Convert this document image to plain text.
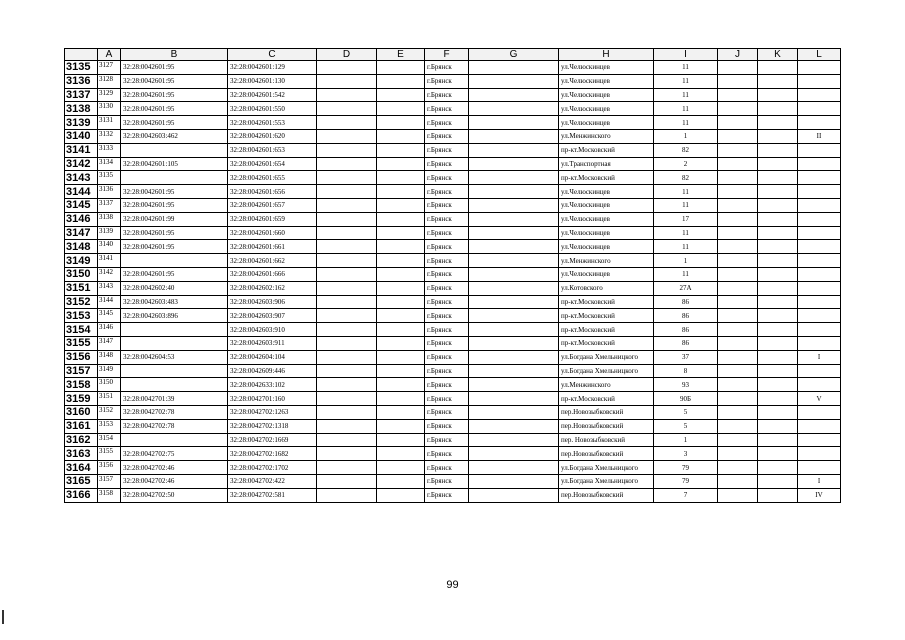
	A	B	C	D	E	F	G	H	I	J	K	L
3135	3127	32:28:0042601:95	32:28:0042601:129			г.Брянск		ул.Челюскинцев	11			
3136	3128	32:28:0042601:95	32:28:0042601:130			г.Брянск		ул.Челюскинцев	11			
3137	3129	32:28:0042601:95	32:28:0042601:542			г.Брянск		ул.Челюскинцев	11			
3138	3130	32:28:0042601:95	32:28:0042601:550			г.Брянск		ул.Челюскинцев	11			
3139	3131	32:28:0042601:95	32:28:0042601:553			г.Брянск		ул.Челюскинцев	11			
3140	3132	32:28:0042603:462	32:28:0042601:620			г.Брянск		ул.Менжинского	1			II
3141	3133		32:28:0042601:653			г.Брянск		пр-кт.Московский	82			
3142	3134	32:28:0042601:105	32:28:0042601:654			г.Брянск		ул.Транспортная	2			
3143	3135		32:28:0042601:655			г.Брянск		пр-кт.Московский	82			
3144	3136	32:28:0042601:95	32:28:0042601:656			г.Брянск		ул.Челюскинцев	11			
3145	3137	32:28:0042601:95	32:28:0042601:657			г.Брянск		ул.Челюскинцев	11			
3146	3138	32:28:0042601:99	32:28:0042601:659			г.Брянск		ул.Челюскинцев	17			
3147	3139	32:28:0042601:95	32:28:0042601:660			г.Брянск		ул.Челюскинцев	11			
3148	3140	32:28:0042601:95	32:28:0042601:661			г.Брянск		ул.Челюскинцев	11			
3149	3141		32:28:0042601:662			г.Брянск		ул.Менжинского	1			
3150	3142	32:28:0042601:95	32:28:0042601:666			г.Брянск		ул.Челюскинцев	11			
3151	3143	32:28:0042602:40	32:28:0042602:162			г.Брянск		ул.Котовского	27А			
3152	3144	32:28:0042603:483	32:28:0042603:906			г.Брянск		пр-кт.Московский	86			
3153	3145	32:28:0042603:896	32:28:0042603:907			г.Брянск		пр-кт.Московский	86			
3154	3146		32:28:0042603:910			г.Брянск		пр-кт.Московский	86			
3155	3147		32:28:0042603:911			г.Брянск		пр-кт.Московский	86			
3156	3148	32:28:0042604:53	32:28:0042604:104			г.Брянск		ул.Богдана Хмельницкого	37			I
3157	3149		32:28:0042609:446			г.Брянск		ул.Богдана Хмельницкого	8			
3158	3150		32:28:0042633:102			г.Брянск		ул.Менжинского	93			
3159	3151	32:28:0042701:39	32:28:0042701:160			г.Брянск		пр-кт.Московский	90Б			V
3160	3152	32:28:0042702:78	32:28:0042702:1263			г.Брянск		пер.Новозыбковский	5			
3161	3153	32:28:0042702:78	32:28:0042702:1318			г.Брянск		пер.Новозыбковский	5			
3162	3154		32:28:0042702:1669			г.Брянск		пер. Новозыбковский	1			
3163	3155	32:28:0042702:75	32:28:0042702:1682			г.Брянск		пер.Новозыбковский	3			
3164	3156	32:28:0042702:46	32:28:0042702:1702			г.Брянск		ул.Богдана Хмельницкого	79			
3165	3157	32:28:0042702:46	32:28:0042702:422			г.Брянск		ул.Богдана Хмельницкого	79			I
3166	3158	32:28:0042702:50	32:28:0042702:581			г.Брянск		пер.Новозыбковский	7			IV
99
